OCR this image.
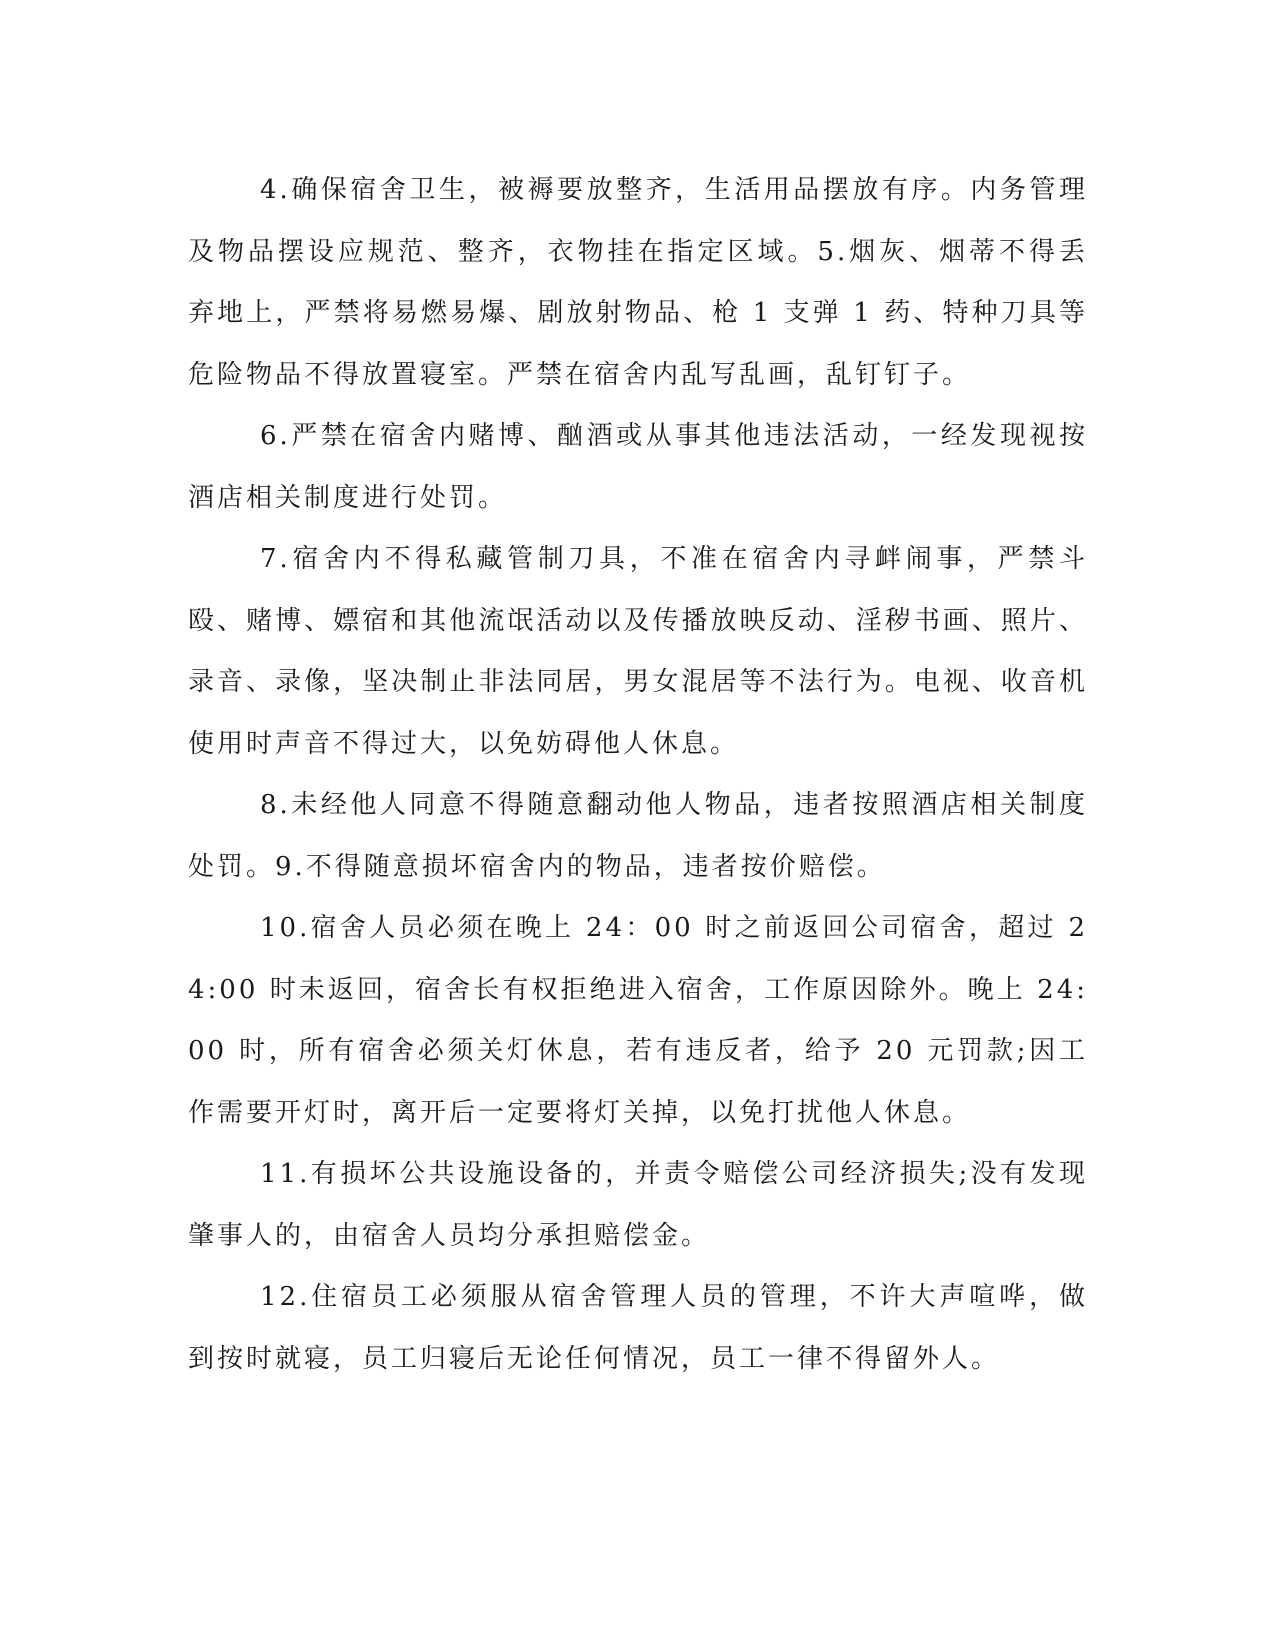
4.确保宿舍卫生，被褥要放整齐，生活用品摆放有序。内务管理及物品摆设应规范、整齐，衣物挂在指定区域。5.烟灰、烟蒂不得丢弃地上，严禁将易燃易爆、剧放射物品、枪 1 支弹 1 药、特种刀具等危险物品不得放置寝室。严禁在宿舍内乱写乱画，乱钉钉子。

6.严禁在宿舍内赌博、酗酒或从事其他违法活动，一经发现视按酒店相关制度进行处罚。

7.宿舍内不得私藏管制刀具，不准在宿舍内寻衅闹事，严禁斗殴、赌博、嫖宿和其他流氓活动以及传播放映反动、淫秽书画、照片、录音、录像，坚决制止非法同居，男女混居等不法行为。电视、收音机使用时声音不得过大，以免妨碍他人休息。

8.未经他人同意不得随意翻动他人物品，违者按照酒店相关制度处罚。9.不得随意损坏宿舍内的物品，违者按价赔偿。

10.宿舍人员必须在晚上 24：00 时之前返回公司宿舍，超过 24:00 时未返回，宿舍长有权拒绝进入宿舍，工作原因除外。晚上 24:00 时，所有宿舍必须关灯休息，若有违反者，给予 20 元罚款;因工作需要开灯时，离开后一定要将灯关掉，以免打扰他人休息。

11.有损坏公共设施设备的，并责令赔偿公司经济损失;没有发现肇事人的，由宿舍人员均分承担赔偿金。

12.住宿员工必须服从宿舍管理人员的管理，不许大声喧哗，做到按时就寝，员工归寝后无论任何情况，员工一律不得留外人。
